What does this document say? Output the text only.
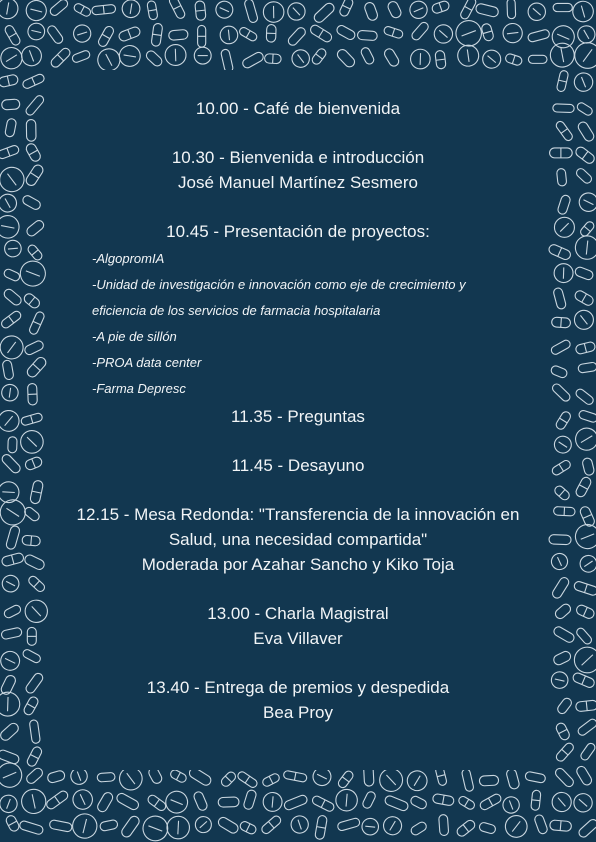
10.00 - Café de bienvenida
10.30 - Bienvenida e introducción
José Manuel Martínez Sesmero
10.45 - Presentación de proyectos:
-AlgopromIA
-Unidad de investigación e innovación como eje de crecimiento y eficiencia de los servicios de farmacia hospitalaria
-A pie de sillón
-PROA data center
-Farma Depresc
11.35 - Preguntas
11.45 - Desayuno
12.15 - Mesa Redonda: "Transferencia de la innovación en
Salud, una necesidad compartida"
Moderada por Azahar Sancho y Kiko Toja
13.00 - Charla Magistral
Eva Villaver
13.40 - Entrega de premios y despedida
Bea Proy
